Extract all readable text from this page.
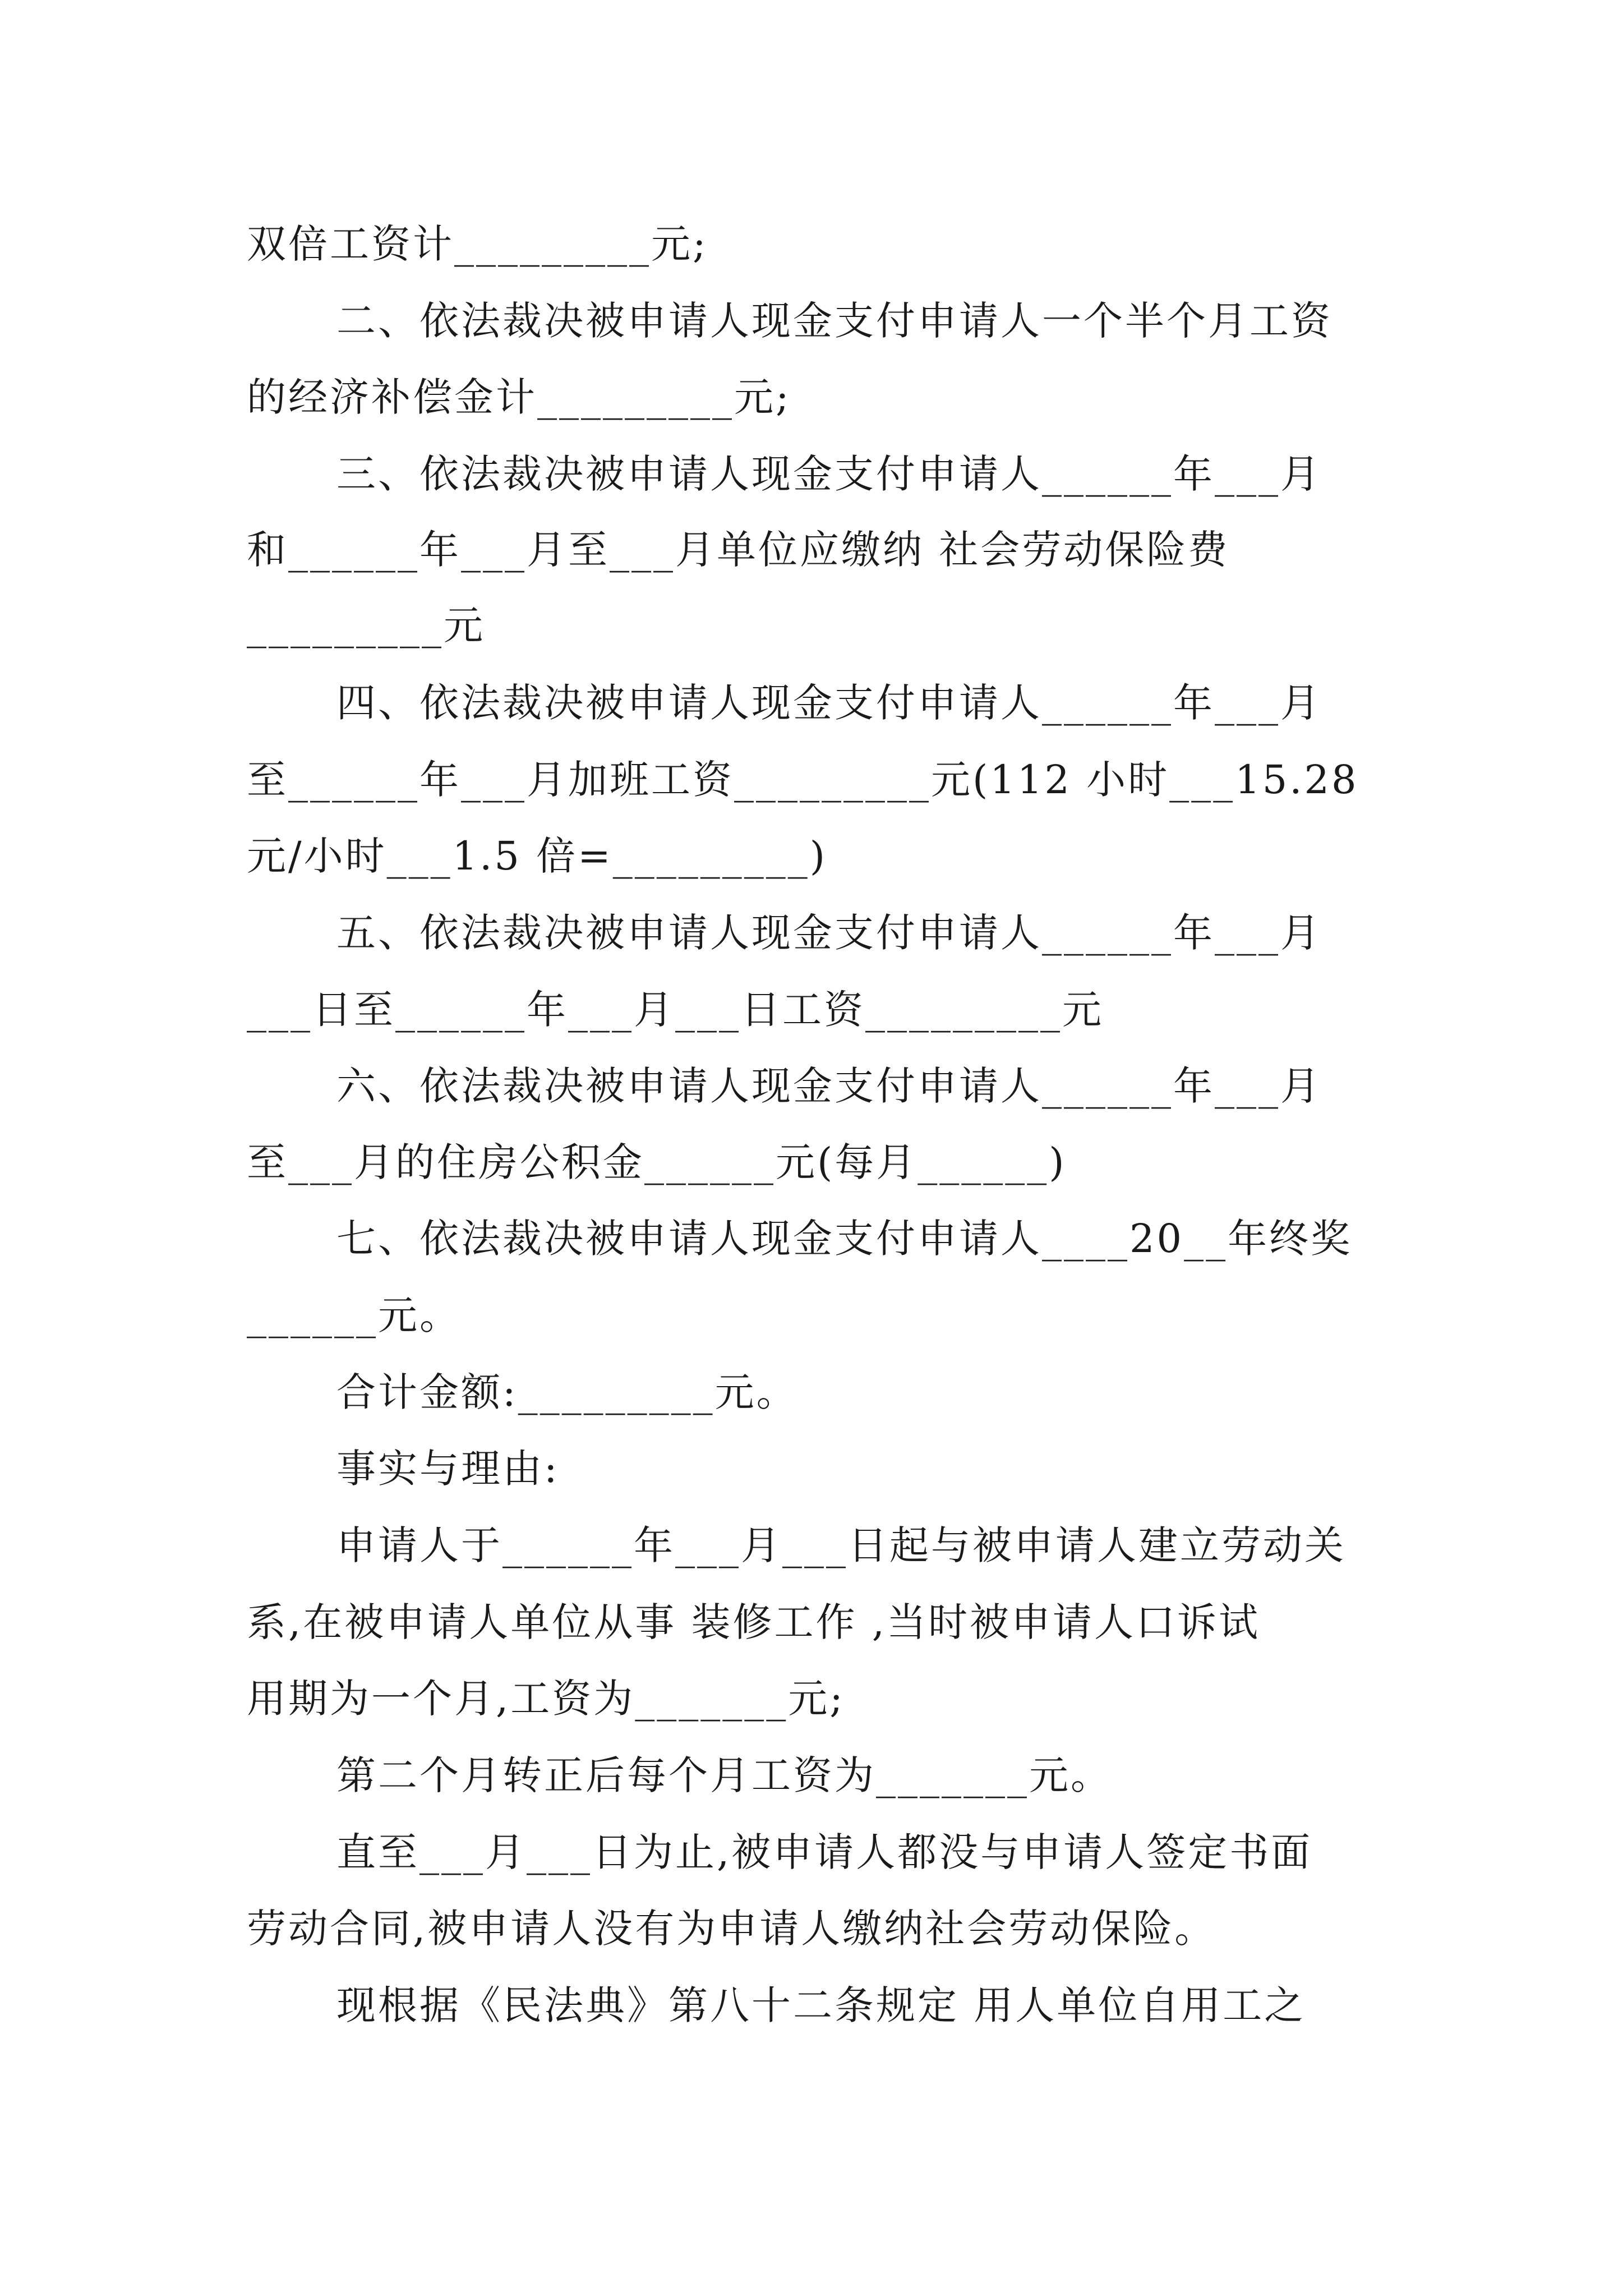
双倍工资计_________元;
二、依法裁决被申请人现金支付申请人一个半个月工资
的经济补偿金计_________元;
三、依法裁决被申请人现金支付申请人______年___月
和______年___月至___月单位应缴纳 社会劳动保险费
_________元
四、依法裁决被申请人现金支付申请人______年___月
至______年___月加班工资_________元(112 小时___15.28
元/小时___1.5 倍=_________)
五、依法裁决被申请人现金支付申请人______年___月
___日至______年___月___日工资_________元
六、依法裁决被申请人现金支付申请人______年___月
至___月的住房公积金______元(每月______)
七、依法裁决被申请人现金支付申请人____20__年终奖
______元。
合计金额:_________元。
事实与理由:
申请人于______年___月___日起与被申请人建立劳动关
系,在被申请人单位从事 装修工作 ,当时被申请人口诉试
用期为一个月,工资为_______元;
第二个月转正后每个月工资为_______元。
直至___月___日为止,被申请人都没与申请人签定书面
劳动合同,被申请人没有为申请人缴纳社会劳动保险。
现根据《民法典》第八十二条规定 用人单位自用工之
